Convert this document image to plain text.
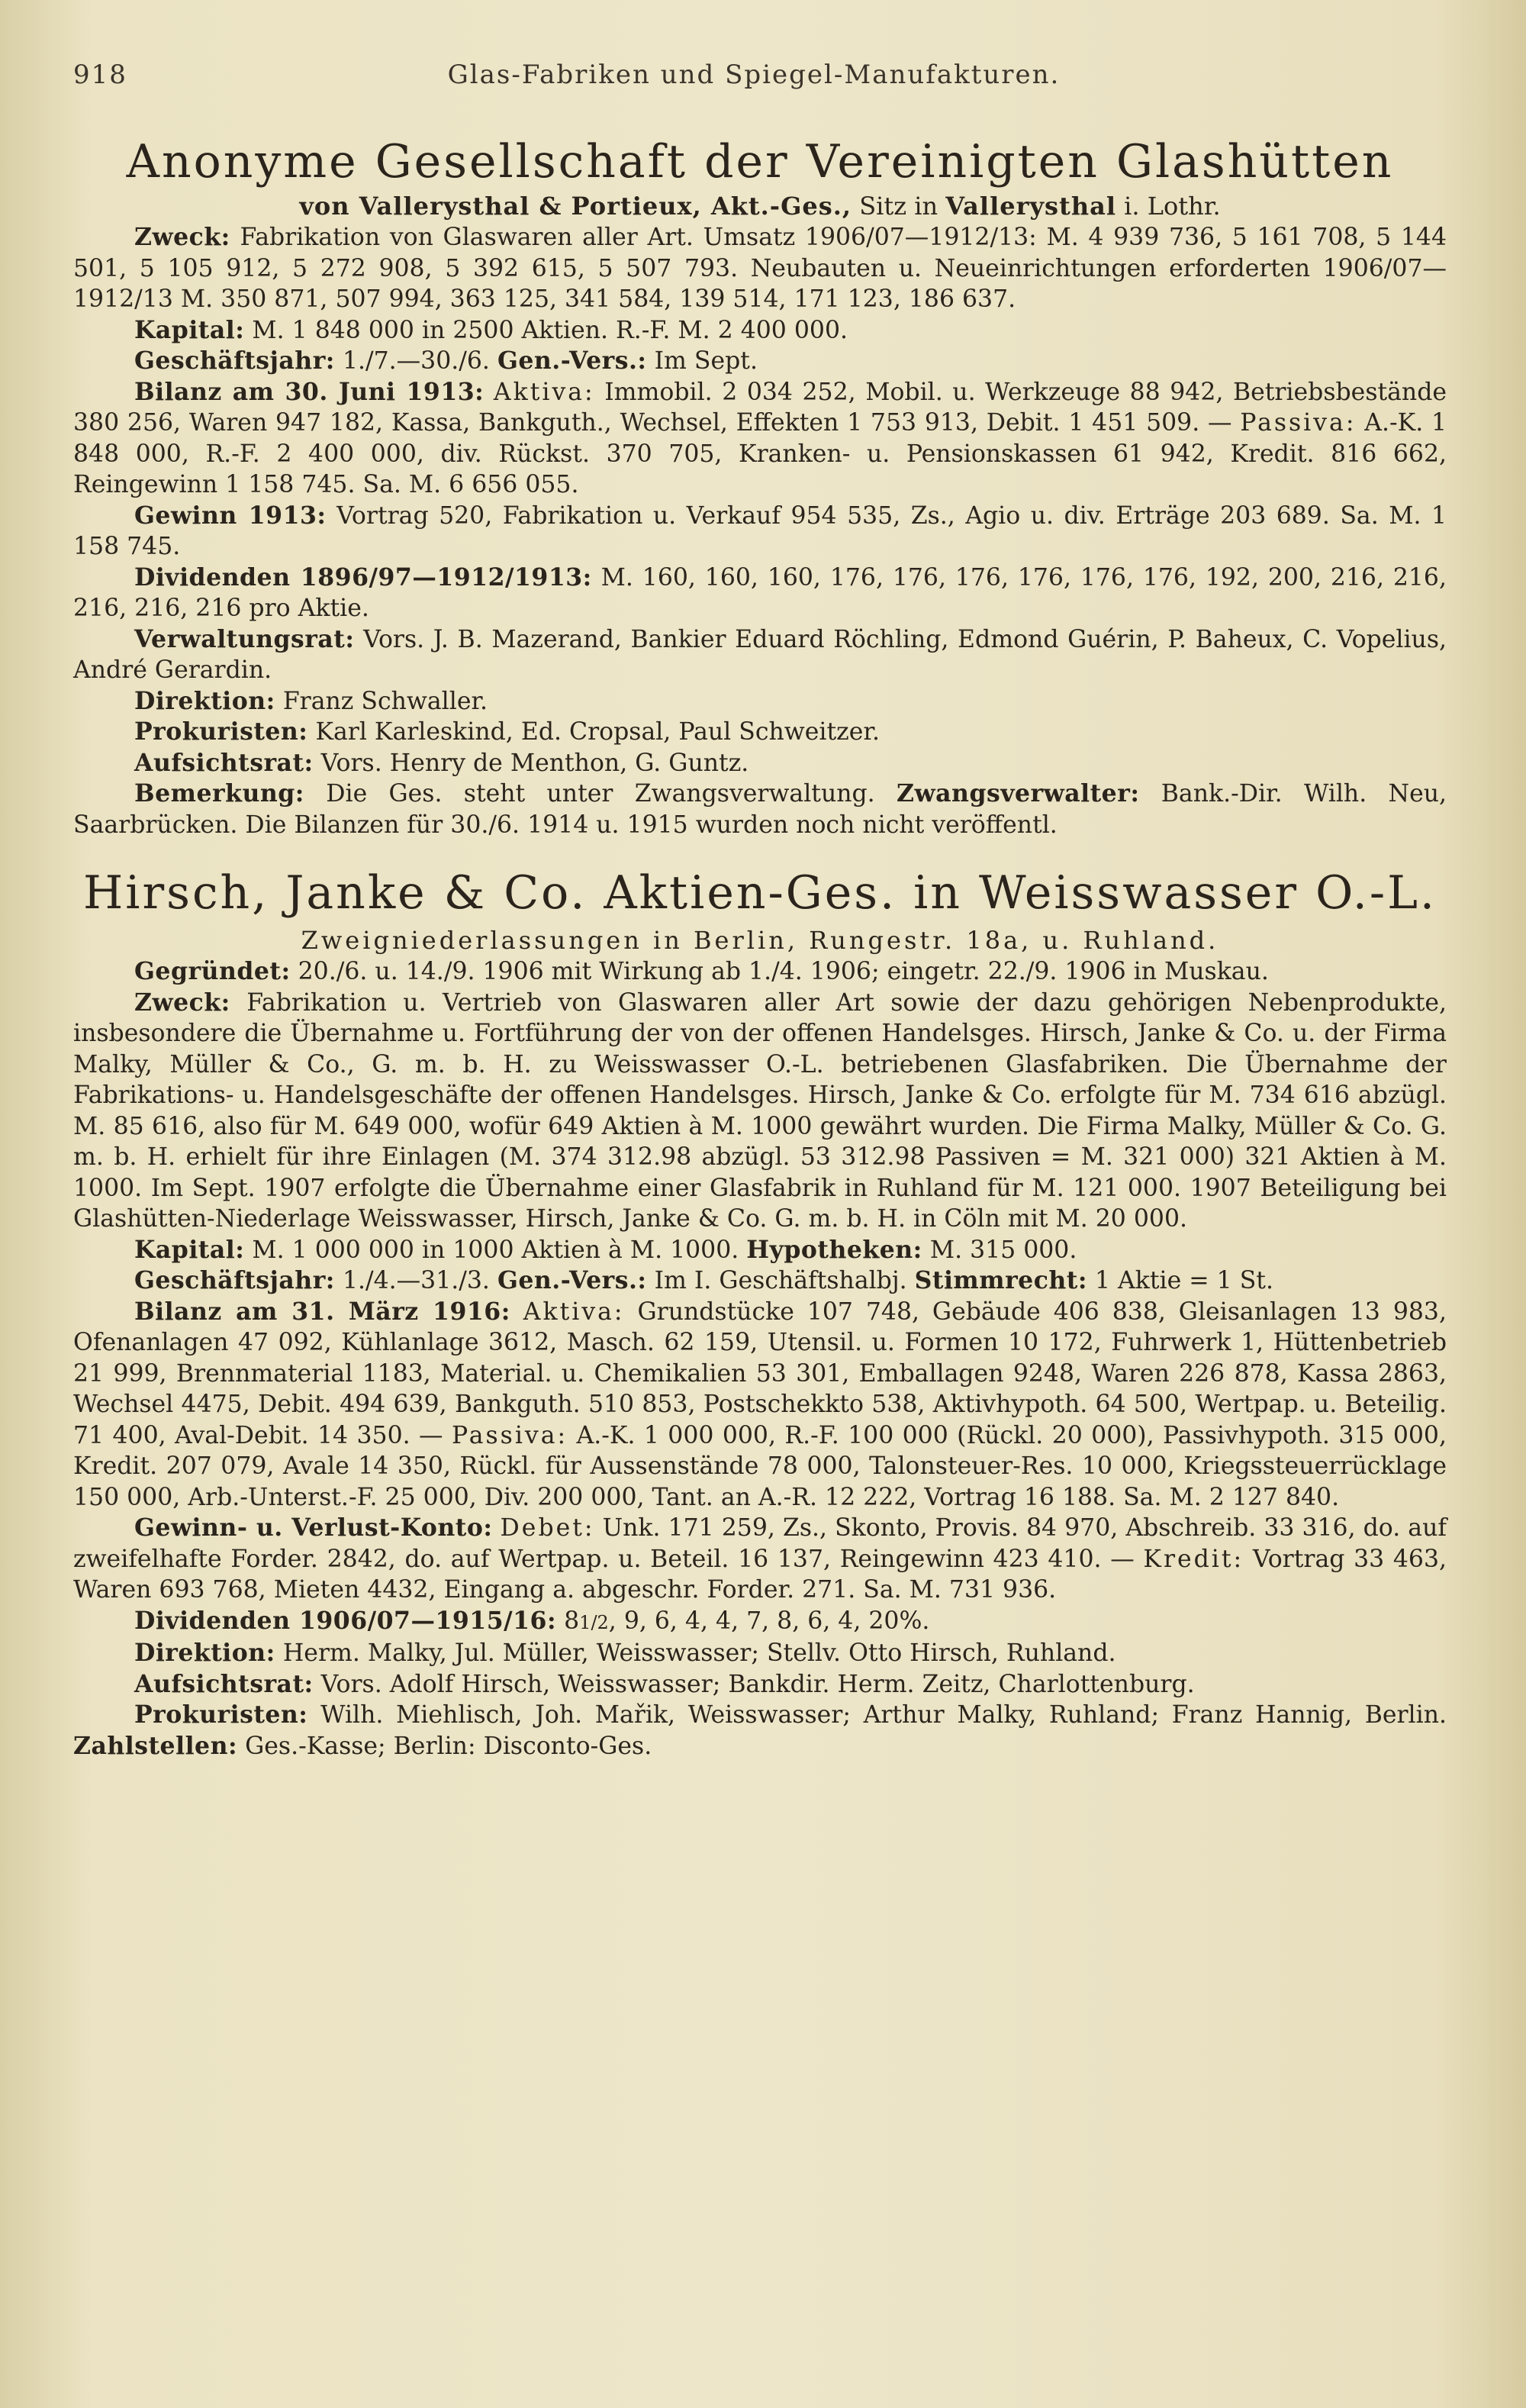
918	Glas-Fabriken und Spiegel-Manufakturen.
Anonyme Gesellschaft der Vereinigten Glashütten

von Vallerysthal & Portieux, Akt.-Ges., Sitz in Vallerysthal i. Lothr.

Zweck: Fabrikation von Glaswaren aller Art. Umsatz 1906/07—1912/13: M. 4 939 736, 5 161 708, 5 144 501, 5 105 912, 5 272 908, 5 392 615, 5 507 793. Neubauten u. Neueinrichtungen erforderten 1906/07—1912/13 M. 350 871, 507 994, 363 125, 341 584, 139 514, 171 123, 186 637.

Kapital: M. 1 848 000 in 2500 Aktien. R.-F. M. 2 400 000.

Geschäftsjahr: 1./7.—30./6. Gen.-Vers.: Im Sept.

Bilanz am 30. Juni 1913: Aktiva: Immobil. 2 034 252, Mobil. u. Werkzeuge 88 942, Betriebsbestände 380 256, Waren 947 182, Kassa, Bankguth., Wechsel, Effekten 1 753 913, Debit. 1 451 509. — Passiva: A.-K. 1 848 000, R.-F. 2 400 000, div. Rückst. 370 705, Kranken- u. Pensionskassen 61 942, Kredit. 816 662, Reingewinn 1 158 745. Sa. M. 6 656 055.

Gewinn 1913: Vortrag 520, Fabrikation u. Verkauf 954 535, Zs., Agio u. div. Erträge 203 689. Sa. M. 1 158 745.

Dividenden 1896/97—1912/1913: M. 160, 160, 160, 176, 176, 176, 176, 176, 176, 192, 200, 216, 216, 216, 216, 216 pro Aktie.

Verwaltungsrat: Vors. J. B. Mazerand, Bankier Eduard Röchling, Edmond Guérin, P. Baheux, C. Vopelius, André Gerardin.

Direktion: Franz Schwaller.

Prokuristen: Karl Karleskind, Ed. Cropsal, Paul Schweitzer.

Aufsichtsrat: Vors. Henry de Menthon, G. Guntz.

Bemerkung: Die Ges. steht unter Zwangsverwaltung. Zwangsverwalter: Bank.-Dir. Wilh. Neu, Saarbrücken. Die Bilanzen für 30./6. 1914 u. 1915 wurden noch nicht veröffentl.

Hirsch, Janke & Co. Aktien-Ges. in Weisswasser O.-L.

Zweigniederlassungen in Berlin, Rungestr. 18a, u. Ruhland.

Gegründet: 20./6. u. 14./9. 1906 mit Wirkung ab 1./4. 1906; eingetr. 22./9. 1906 in Muskau.

Zweck: Fabrikation u. Vertrieb von Glaswaren aller Art sowie der dazu gehörigen Nebenprodukte, insbesondere die Übernahme u. Fortführung der von der offenen Handelsges. Hirsch, Janke & Co. u. der Firma Malky, Müller & Co., G. m. b. H. zu Weisswasser O.-L. betriebenen Glasfabriken. Die Übernahme der Fabrikations- u. Handelsgeschäfte der offenen Handelsges. Hirsch, Janke & Co. erfolgte für M. 734 616 abzügl. M. 85 616, also für M. 649 000, wofür 649 Aktien à M. 1000 gewährt wurden. Die Firma Malky, Müller & Co. G. m. b. H. erhielt für ihre Einlagen (M. 374 312.98 abzügl. 53 312.98 Passiven = M. 321 000) 321 Aktien à M. 1000. Im Sept. 1907 erfolgte die Übernahme einer Glasfabrik in Ruhland für M. 121 000. 1907 Beteiligung bei Glashütten-Niederlage Weisswasser, Hirsch, Janke & Co. G. m. b. H. in Cöln mit M. 20 000.

Kapital: M. 1 000 000 in 1000 Aktien à M. 1000. Hypotheken: M. 315 000.

Geschäftsjahr: 1./4.—31./3. Gen.-Vers.: Im I. Geschäftshalbj. Stimmrecht: 1 Aktie = 1 St.

Bilanz am 31. März 1916: Aktiva: Grundstücke 107 748, Gebäude 406 838, Gleisanlagen 13 983, Ofenanlagen 47 092, Kühlanlage 3612, Masch. 62 159, Utensil. u. Formen 10 172, Fuhrwerk 1, Hüttenbetrieb 21 999, Brennmaterial 1183, Material. u. Chemikalien 53 301, Emballagen 9248, Waren 226 878, Kassa 2863, Wechsel 4475, Debit. 494 639, Bankguth. 510 853, Postschekkto 538, Aktivhypoth. 64 500, Wertpap. u. Beteilig. 71 400, Aval-Debit. 14 350. — Passiva: A.-K. 1 000 000, R.-F. 100 000 (Rückl. 20 000), Passivhypoth. 315 000, Kredit. 207 079, Avale 14 350, Rückl. für Aussenstände 78 000, Talonsteuer-Res. 10 000, Kriegssteuerrücklage 150 000, Arb.-Unterst.-F. 25 000, Div. 200 000, Tant. an A.-R. 12 222, Vortrag 16 188. Sa. M. 2 127 840.

Gewinn- u. Verlust-Konto: Debet: Unk. 171 259, Zs., Skonto, Provis. 84 970, Abschreib. 33 316, do. auf zweifelhafte Forder. 2842, do. auf Wertpap. u. Beteil. 16 137, Reingewinn 423 410. — Kredit: Vortrag 33 463, Waren 693 768, Mieten 4432, Eingang a. abgeschr. Forder. 271. Sa. M. 731 936.

Dividenden 1906/07—1915/16: 81/2, 9, 6, 4, 4, 7, 8, 6, 4, 20%.

Direktion: Herm. Malky, Jul. Müller, Weisswasser; Stellv. Otto Hirsch, Ruhland.

Aufsichtsrat: Vors. Adolf Hirsch, Weisswasser; Bankdir. Herm. Zeitz, Charlottenburg.

Prokuristen: Wilh. Miehlisch, Joh. Mařik, Weisswasser; Arthur Malky, Ruhland; Franz Hannig, Berlin. Zahlstellen: Ges.-Kasse; Berlin: Disconto-Ges.
